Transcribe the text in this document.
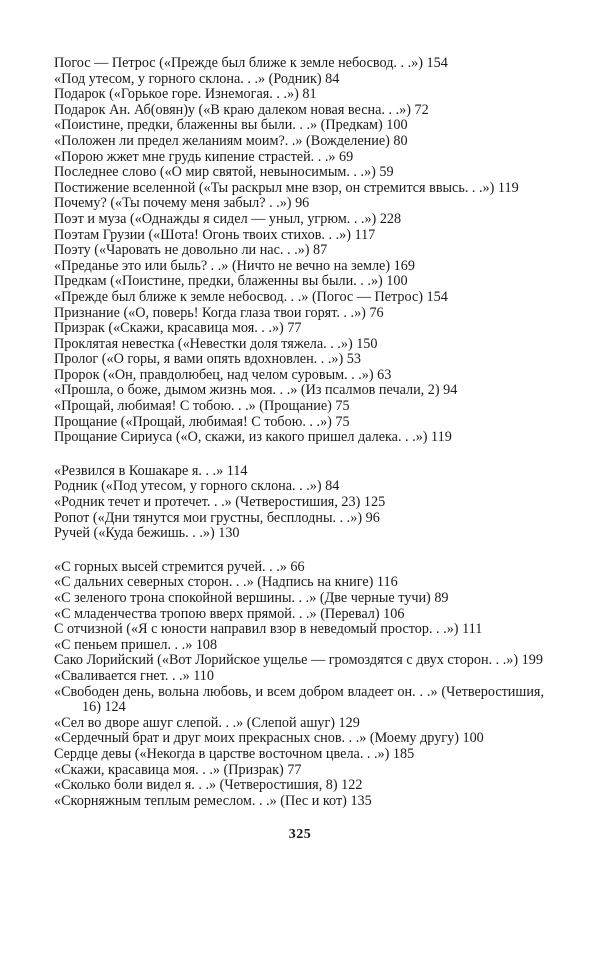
Погос — Петрос («Прежде был ближе к земле небосвод. . .») 154
«Под утесом, у горного склона. . .» (Родник) 84
Подарок («Горькое горе. Изнемогая. . .») 81
Подарок Ан. Аб(овян)у («В краю далеком новая весна. . .») 72
«Поистине, предки, блаженны вы были. . .» (Предкам) 100
«Положен ли предел желаниям моим?. .» (Вожделение) 80
«Порою жжет мне грудь кипение страстей. . .» 69
Последнее слово («О мир святой, невыносимым. . .») 59
Постижение вселенной («Ты раскрыл мне взор, он стремится ввысь. . .») 119
Почему? («Ты почему меня забыл? . .») 96
Поэт и муза («Однажды я сидел — уныл, угрюм. . .») 228
Поэтам Грузии («Шота! Огонь твоих стихов. . .») 117
Поэту («Чаровать не довольно ли нас. . .») 87
«Преданье это или быль? . .» (Ничто не вечно на земле) 169
Предкам («Поистине, предки, блаженны вы были. . .») 100
«Прежде был ближе к земле небосвод. . .» (Погос — Петрос) 154
Признание («О, поверь! Когда глаза твои горят. . .») 76
Призрак («Скажи, красавица моя. . .») 77
Проклятая невестка («Невестки доля тяжела. . .») 150
Пролог («О горы, я вами опять вдохновлен. . .») 53
Пророк («Он, правдолюбец, над челом суровым. . .») 63
«Прошла, о боже, дымом жизнь моя. . .» (Из псалмов печали, 2) 94
«Прощай, любимая! С тобою. . .» (Прощание) 75
Прощание («Прощай, любимая! С тобою. . .») 75
Прощание Сириуса («О, скажи, из какого пришел далека. . .») 119
«Резвился в Кошакаре я. . .» 114
Родник («Под утесом, у горного склона. . .») 84
«Родник течет и протечет. . .» (Четверостишия, 23) 125
Ропот («Дни тянутся мои грустны, бесплодны. . .») 96
Ручей («Куда бежишь. . .») 130
«С горных высей стремится ручей. . .» 66
«С дальних северных сторон. . .» (Надпись на книге) 116
«С зеленого трона спокойной вершины. . .» (Две черные тучи) 89
«С младенчества тропою вверх прямой. . .» (Перевал) 106
С отчизной («Я с юности направил взор в неведомый простор. . .») 111
«С пеньем пришел. . .» 108
Сако Лорийский («Вот Лорийское ущелье — громоздятся с двух сторон. . .») 199
«Сваливается гнет. . .» 110
«Свободен день, вольна любовь, и всем добром владеет он. . .» (Четверостишия, 16) 124
«Сел во дворе ашуг слепой. . .» (Слепой ашуг) 129
«Сердечный брат и друг моих прекрасных снов. . .» (Моему другу) 100
Сердце девы («Некогда в царстве восточном цвела. . .») 185
«Скажи, красавица моя. . .» (Призрак) 77
«Сколько боли видел я. . .» (Четверостишия, 8) 122
«Скорняжным теплым ремеслом. . .» (Пес и кот) 135
325
